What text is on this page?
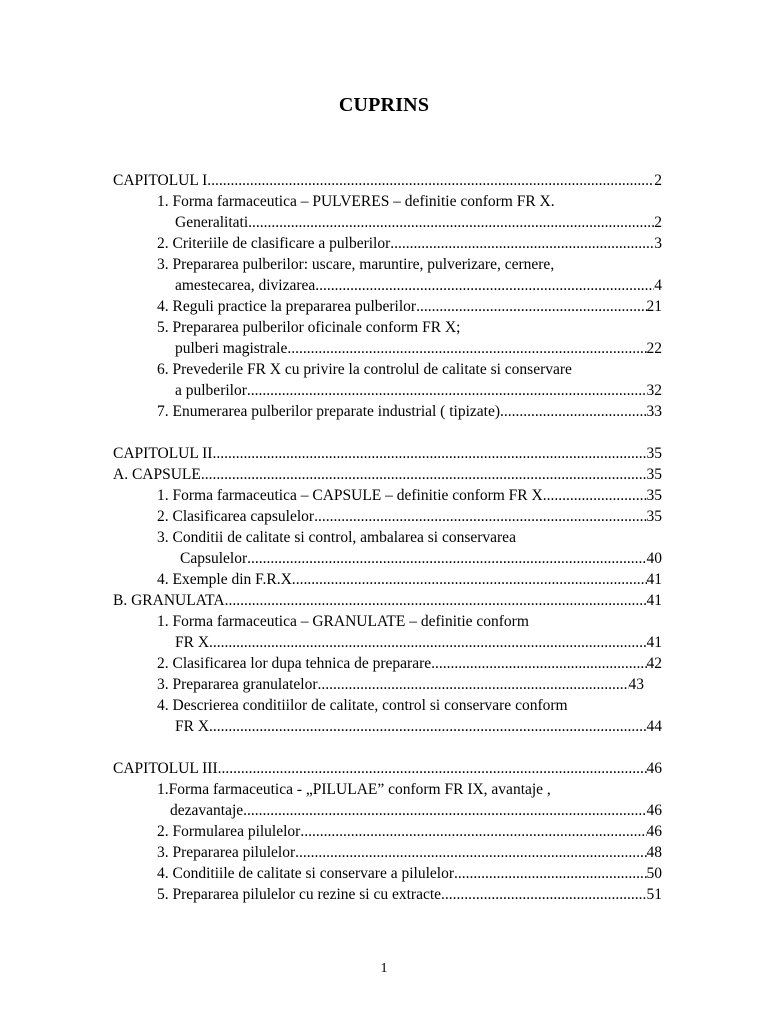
CUPRINS
CAPITOLUL I .....	2
1. Forma farmaceutica – PULVERES – definitie conform FR X.
Generalitati .....	2
2. Criteriile de clasificare a pulberilor .....	3
3. Prepararea pulberilor: uscare, maruntire, pulverizare, cernere,
amestecarea, divizarea .....	4
4. Reguli practice la prepararea pulberilor .....	21
5. Prepararea pulberilor oficinale conform FR X;
pulberi magistrale .....	22
6. Prevederile FR X cu privire la controlul de calitate si conservare
a pulberilor .....	32
7. Enumerarea pulberilor preparate industrial ( tipizate) .....	33
CAPITOLUL II .....	35
A. CAPSULE .....	35
1. Forma farmaceutica – CAPSULE – definitie conform FR X .....	35
2. Clasificarea capsulelor .....	35
3. Conditii de calitate si control, ambalarea si conservarea
Capsulelor .....	40
4. Exemple din F.R.X. .....	41
B. GRANULATA .....	41
1. Forma farmaceutica – GRANULATE – definitie conform
FR X .....	41
2. Clasificarea lor dupa tehnica de preparare .....	42
3. Prepararea granulatelor .....	43
4. Descrierea conditiilor de calitate, control si conservare conform
FR X .....	44
CAPITOLUL III .....	46
1.Forma farmaceutica - „PILULAE” conform FR IX, avantaje ,
dezavantaje .....	46
2. Formularea pilulelor .....	46
3. Prepararea pilulelor .....	48
4. Conditiile de calitate si conservare a pilulelor .....	50
5. Prepararea pilulelor cu rezine si cu extracte .....	51
1
